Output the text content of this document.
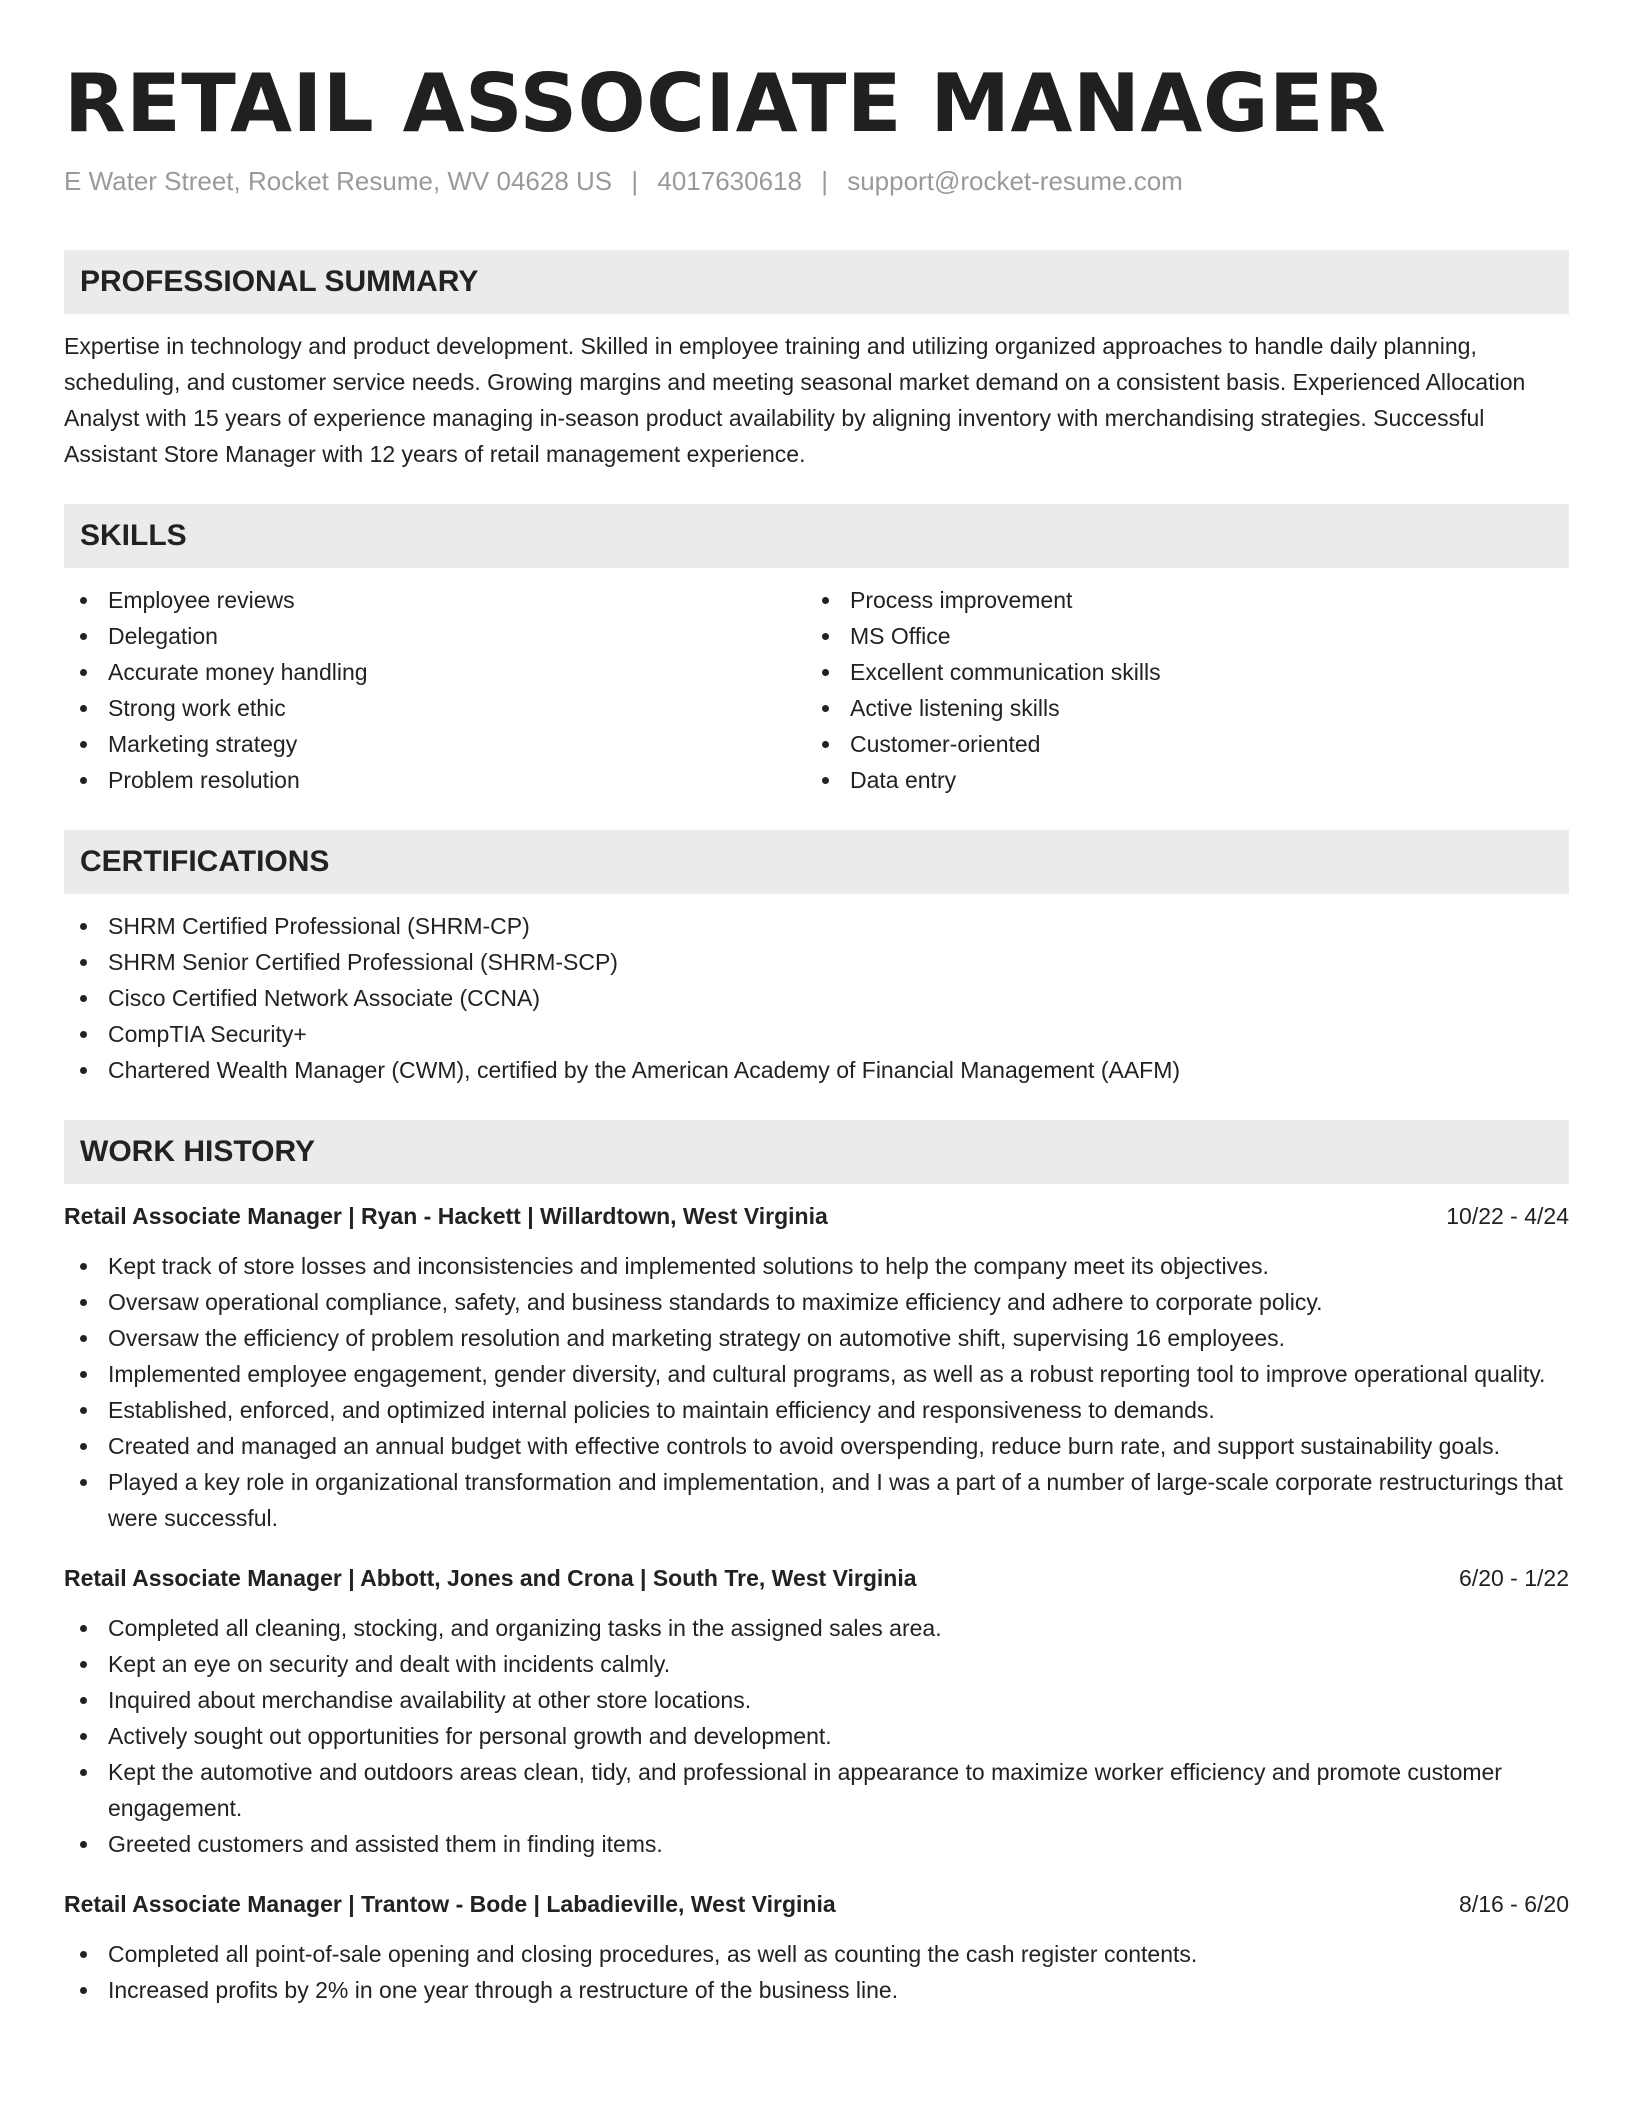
RETAIL ASSOCIATE MANAGER
E Water Street, Rocket Resume, WV 04628 US | 4017630618 | support@rocket-resume.com
PROFESSIONAL SUMMARY
Expertise in technology and product development. Skilled in employee training and utilizing organized approaches to handle daily planning, scheduling, and customer service needs. Growing margins and meeting seasonal market demand on a consistent basis. Experienced Allocation Analyst with 15 years of experience managing in-season product availability by aligning inventory with merchandising strategies. Successful Assistant Store Manager with 12 years of retail management experience.
SKILLS
Employee reviews
Delegation
Accurate money handling
Strong work ethic
Marketing strategy
Problem resolution
Process improvement
MS Office
Excellent communication skills
Active listening skills
Customer-oriented
Data entry
CERTIFICATIONS
SHRM Certified Professional (SHRM-CP)
SHRM Senior Certified Professional (SHRM-SCP)
Cisco Certified Network Associate (CCNA)
CompTIA Security+
Chartered Wealth Manager (CWM), certified by the American Academy of Financial Management (AAFM)
WORK HISTORY
Retail Associate Manager | Ryan - Hackett | Willardtown, West Virginia	10/22 - 4/24
Kept track of store losses and inconsistencies and implemented solutions to help the company meet its objectives.
Oversaw operational compliance, safety, and business standards to maximize efficiency and adhere to corporate policy.
Oversaw the efficiency of problem resolution and marketing strategy on automotive shift, supervising 16 employees.
Implemented employee engagement, gender diversity, and cultural programs, as well as a robust reporting tool to improve operational quality.
Established, enforced, and optimized internal policies to maintain efficiency and responsiveness to demands.
Created and managed an annual budget with effective controls to avoid overspending, reduce burn rate, and support sustainability goals.
Played a key role in organizational transformation and implementation, and I was a part of a number of large-scale corporate restructurings that were successful.
Retail Associate Manager | Abbott, Jones and Crona | South Tre, West Virginia	6/20 - 1/22
Completed all cleaning, stocking, and organizing tasks in the assigned sales area.
Kept an eye on security and dealt with incidents calmly.
Inquired about merchandise availability at other store locations.
Actively sought out opportunities for personal growth and development.
Kept the automotive and outdoors areas clean, tidy, and professional in appearance to maximize worker efficiency and promote customer engagement.
Greeted customers and assisted them in finding items.
Retail Associate Manager | Trantow - Bode | Labadieville, West Virginia	8/16 - 6/20
Completed all point-of-sale opening and closing procedures, as well as counting the cash register contents.
Increased profits by 2% in one year through a restructure of the business line.
